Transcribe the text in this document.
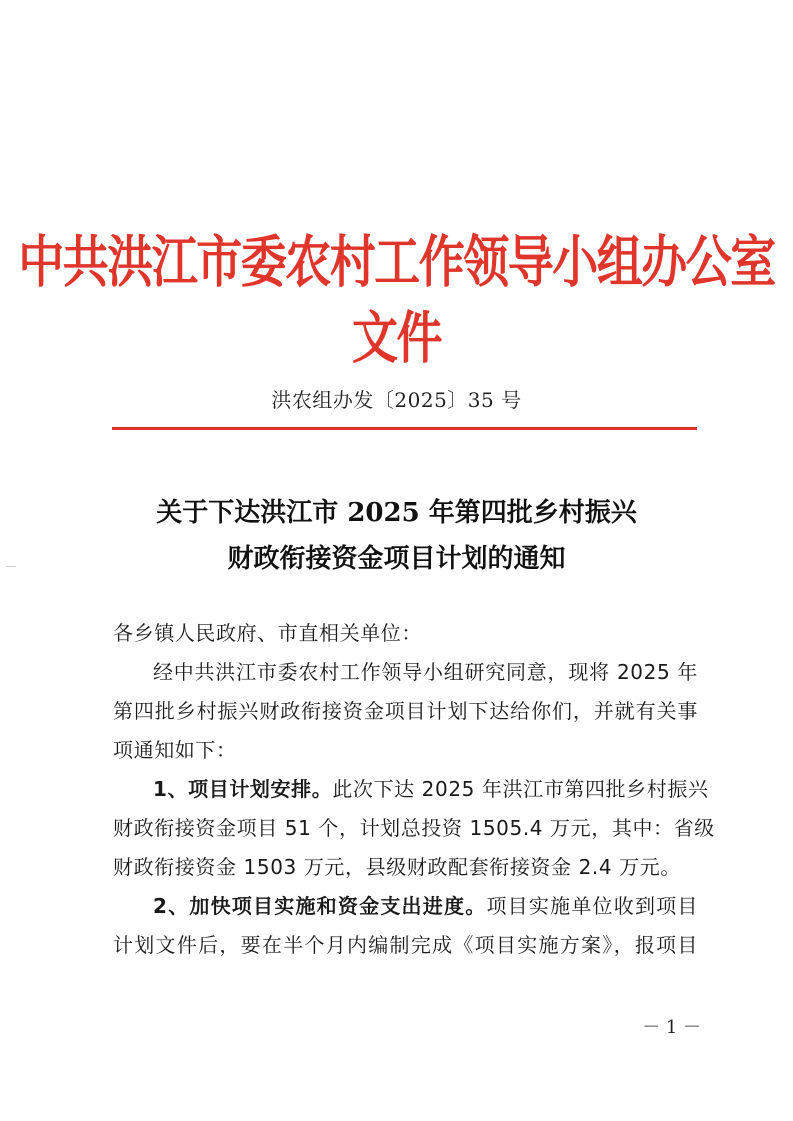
中共洪江市委农村工作领导小组办公室文件
洪农组办发〔2025〕35 号
关于下达洪江市 2025 年第四批乡村振兴
财政衔接资金项目计划的通知
各乡镇人民政府、市直相关单位：
经中共洪江市委农村工作领导小组研究同意，现将 2025 年
第四批乡村振兴财政衔接资金项目计划下达给你们，并就有关事
项通知如下：
1、项目计划安排。此次下达 2025 年洪江市第四批乡村振兴
财政衔接资金项目 51 个，计划总投资 1505.4 万元，其中：省级
财政衔接资金 1503 万元，县级财政配套衔接资金 2.4 万元。
2、加快项目实施和资金支出进度。项目实施单位收到项目
计划文件后，要在半个月内编制完成《项目实施方案》，报项目
－ 1 －
